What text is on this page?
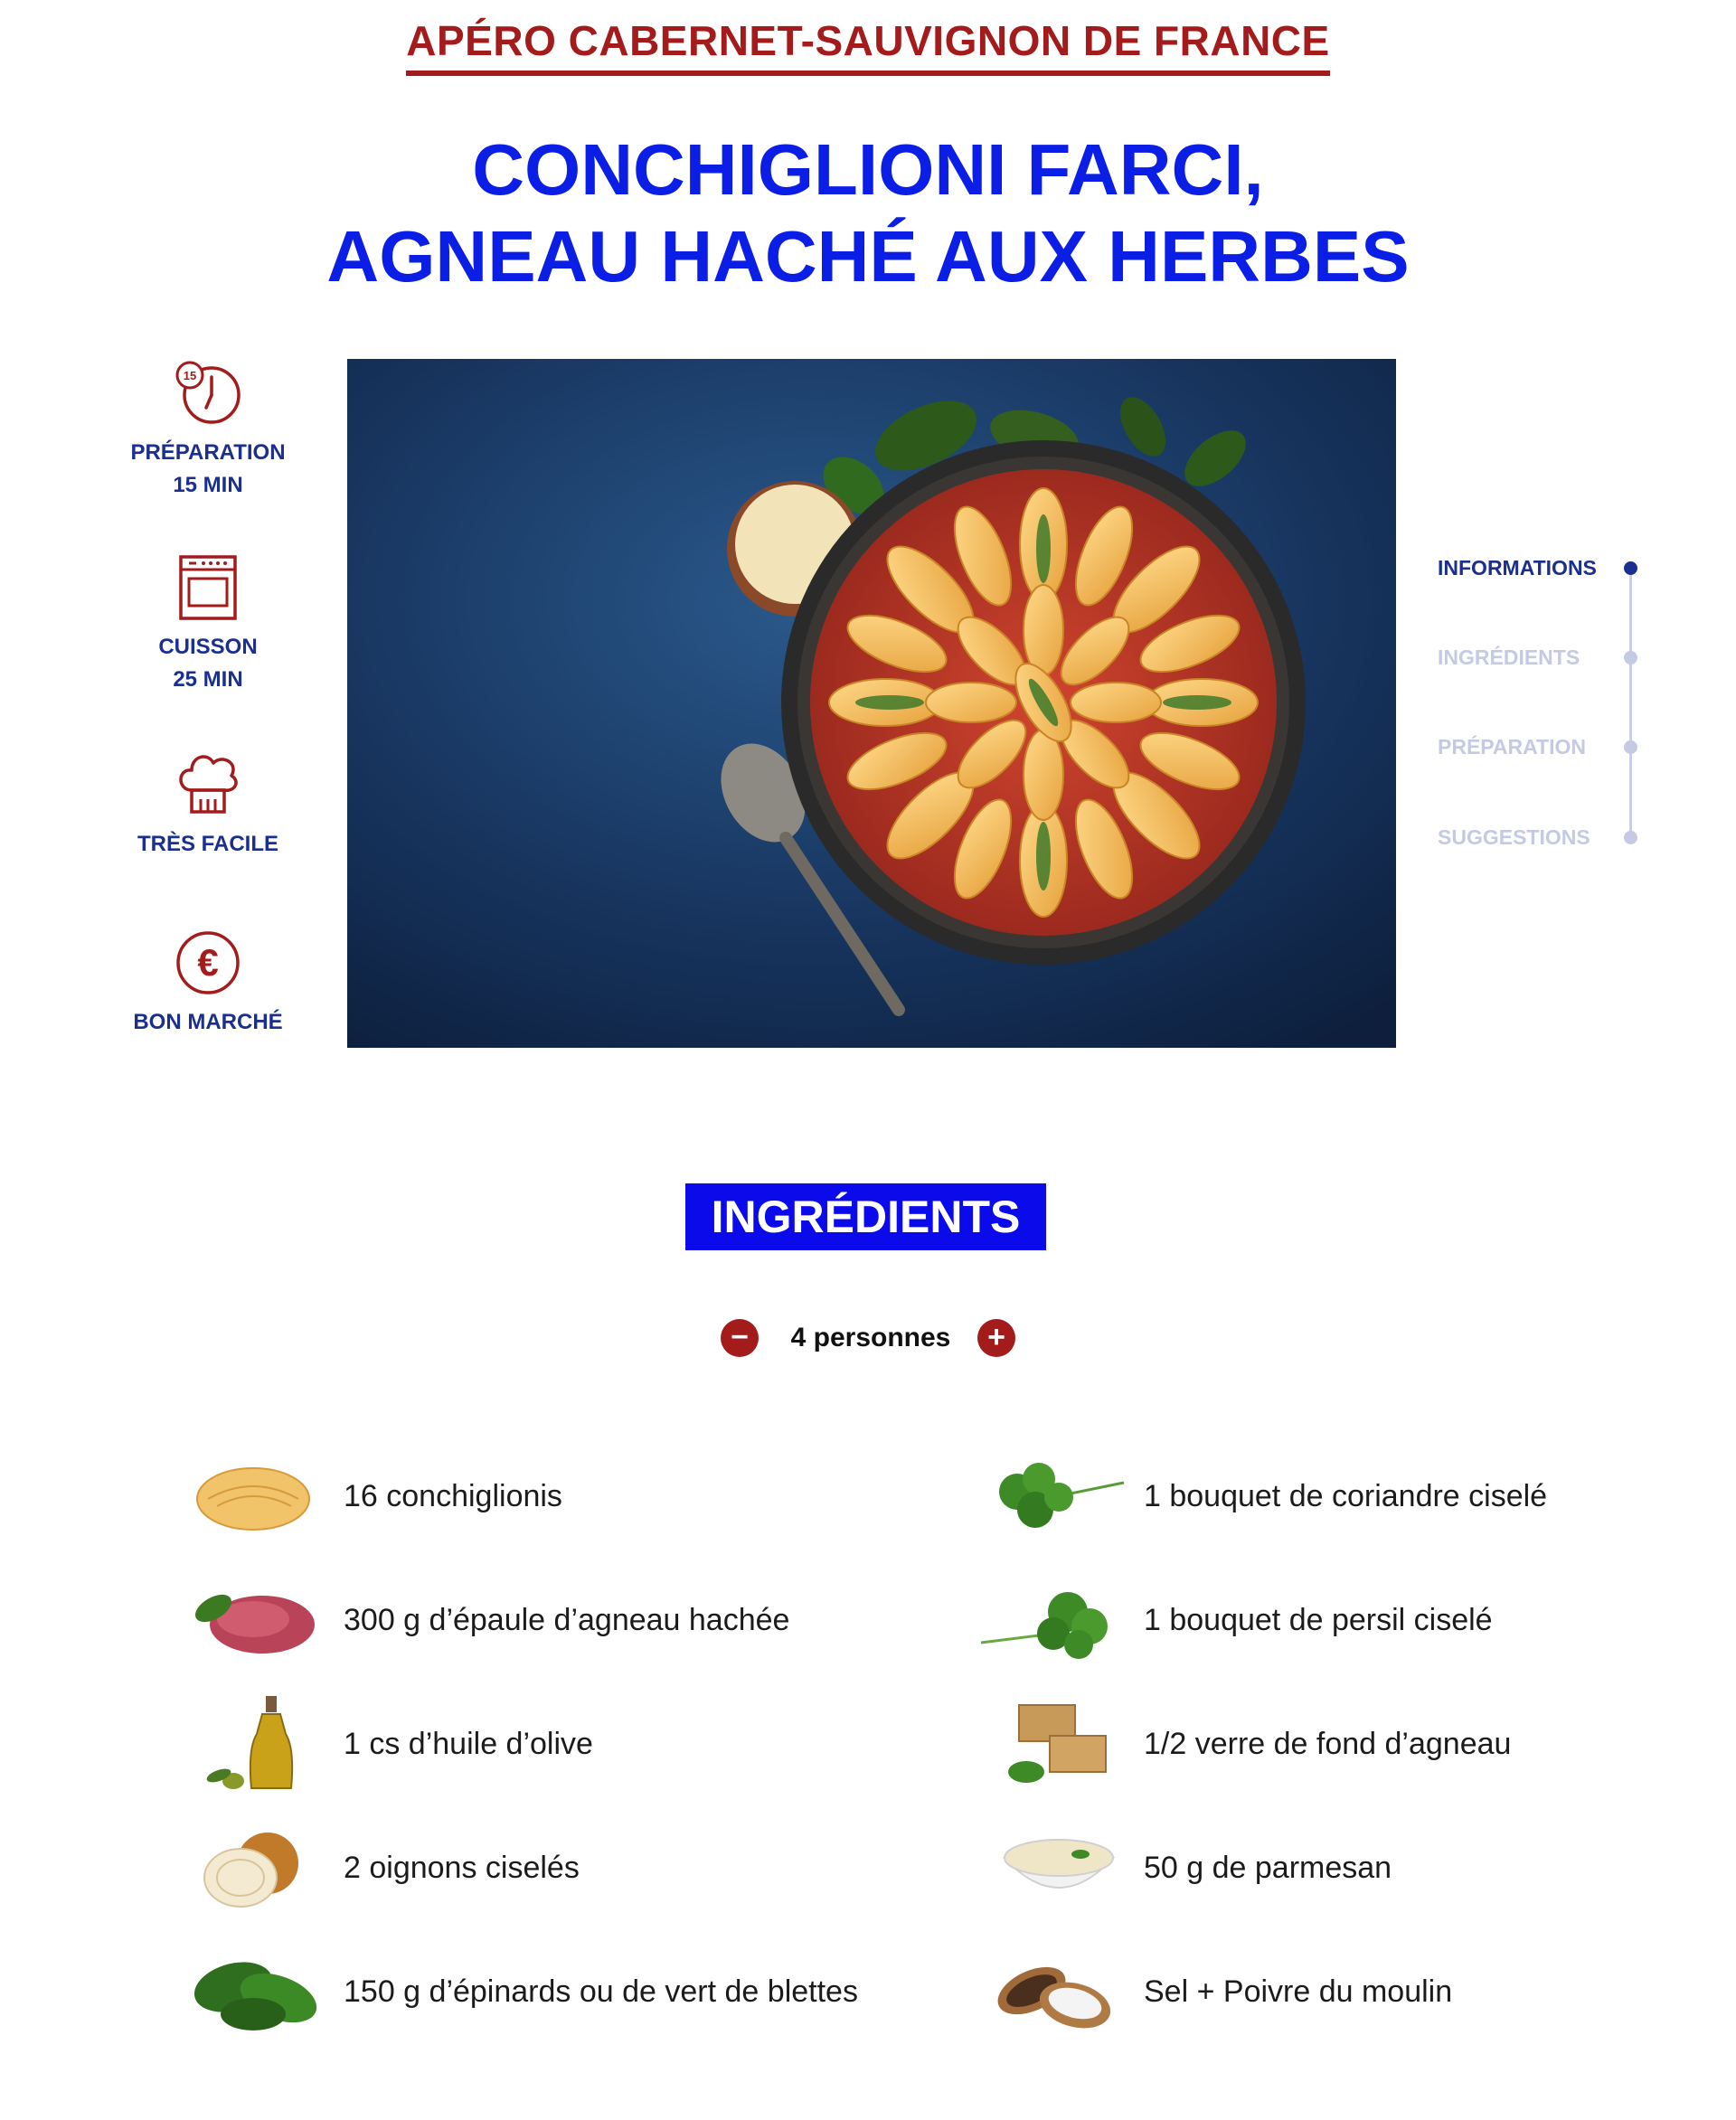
APÉRO CABERNET-SAUVIGNON DE FRANCE
CONCHIGLIONI FARCI,
AGNEAU HACHÉ AUX HERBES
15
PRÉPARATION
15 MIN
CUISSON
25 MIN
TRÈS FACILE
€
BON MARCHÉ
INFORMATIONS
INGRÉDIENTS
PRÉPARATION
SUGGESTIONS
INGRÉDIENTS
−	4 personnes	+
16 conchiglionis
300 g d’épaule d’agneau hachée
1 cs d’huile d’olive
2 oignons ciselés
150 g d’épinards ou de vert de blettes
1 bouquet de coriandre ciselé
1 bouquet de persil ciselé
1/2 verre de fond d’agneau
50 g de parmesan
Sel + Poivre du moulin
